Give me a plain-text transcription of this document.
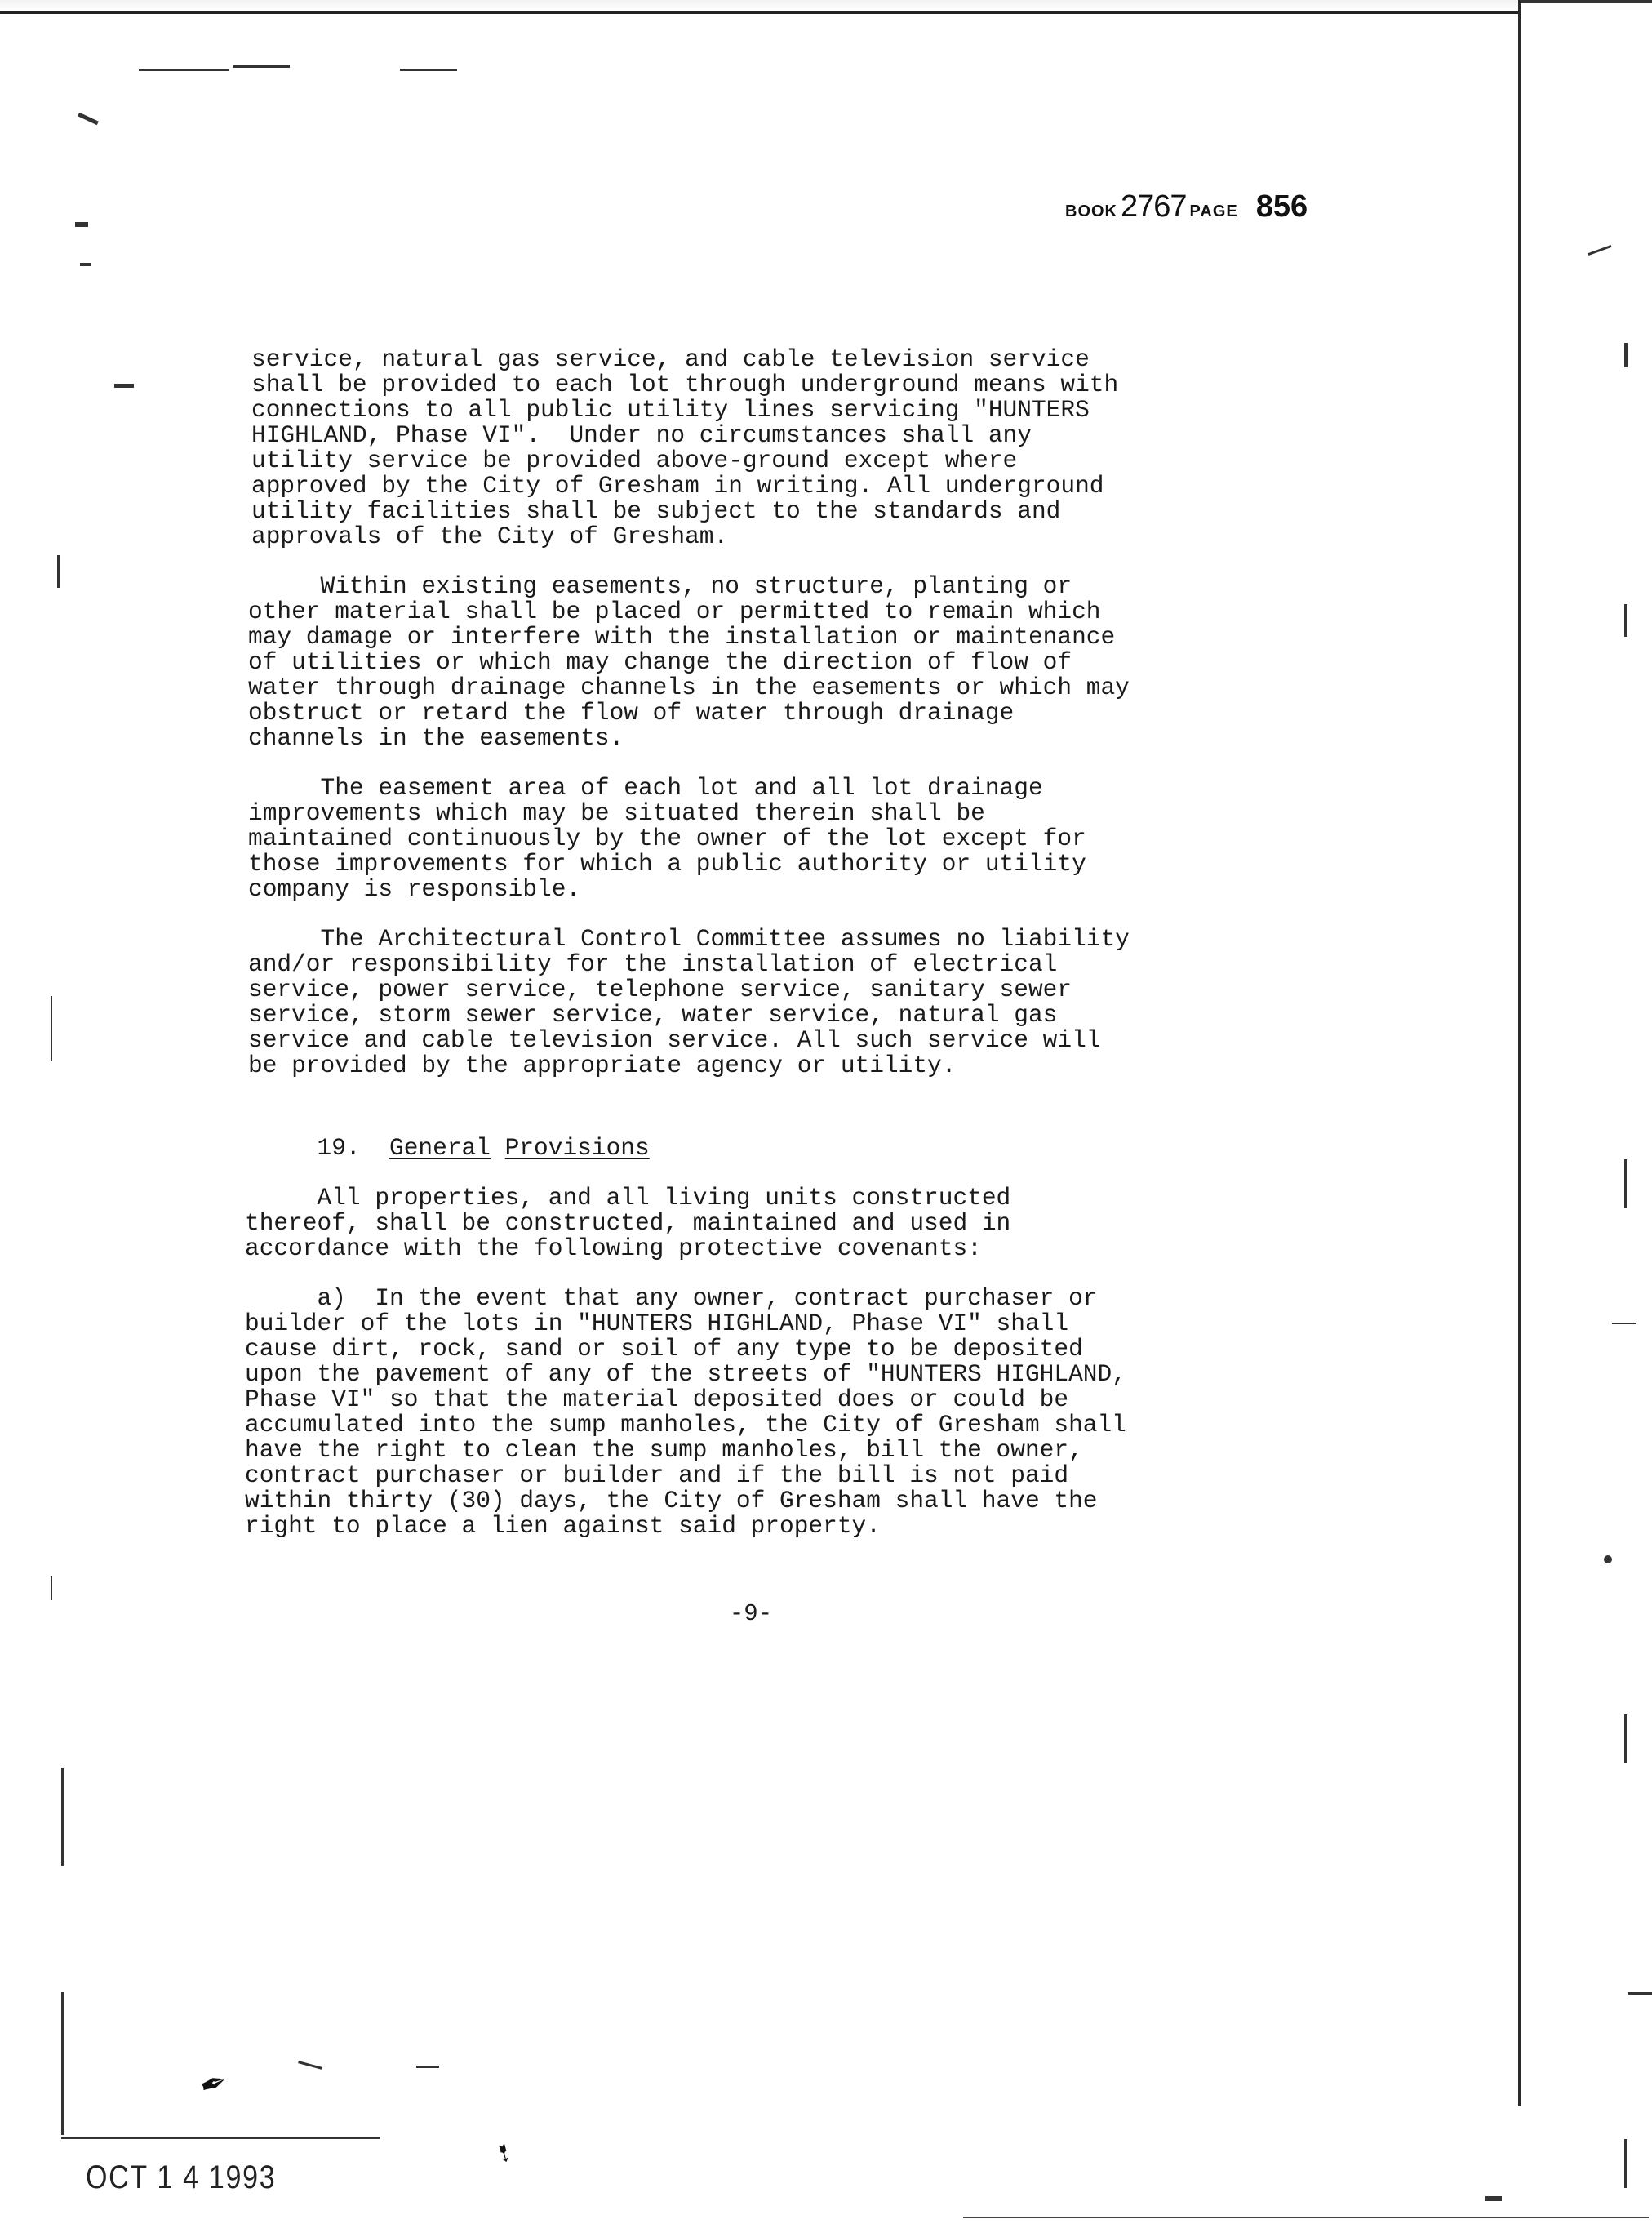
BOOK 2767 PAGE 856
service, natural gas service, and cable television service
shall be provided to each lot through underground means with
connections to all public utility lines servicing "HUNTERS
HIGHLAND, Phase VI".  Under no circumstances shall any
utility service be provided above-ground except where
approved by the City of Gresham in writing. All underground
utility facilities shall be subject to the standards and
approvals of the City of Gresham.
Within existing easements, no structure, planting or
other material shall be placed or permitted to remain which
may damage or interfere with the installation or maintenance
of utilities or which may change the direction of flow of
water through drainage channels in the easements or which may
obstruct or retard the flow of water through drainage
channels in the easements.
The easement area of each lot and all lot drainage
improvements which may be situated therein shall be
maintained continuously by the owner of the lot except for
those improvements for which a public authority or utility
company is responsible.
The Architectural Control Committee assumes no liability
and/or responsibility for the installation of electrical
service, power service, telephone service, sanitary sewer
service, storm sewer service, water service, natural gas
service and cable television service. All such service will
be provided by the appropriate agency or utility.
19. General Provisions
All properties, and all living units constructed
thereof, shall be constructed, maintained and used in
accordance with the following protective covenants:
a)  In the event that any owner, contract purchaser or
builder of the lots in "HUNTERS HIGHLAND, Phase VI" shall
cause dirt, rock, sand or soil of any type to be deposited
upon the pavement of any of the streets of "HUNTERS HIGHLAND,
Phase VI" so that the material deposited does or could be
accumulated into the sump manholes, the City of Gresham shall
have the right to clean the sump manholes, bill the owner,
contract purchaser or builder and if the bill is not paid
within thirty (30) days, the City of Gresham shall have the
right to place a lien against said property.
-9-
OCT 1 4 1993
✒
➷
